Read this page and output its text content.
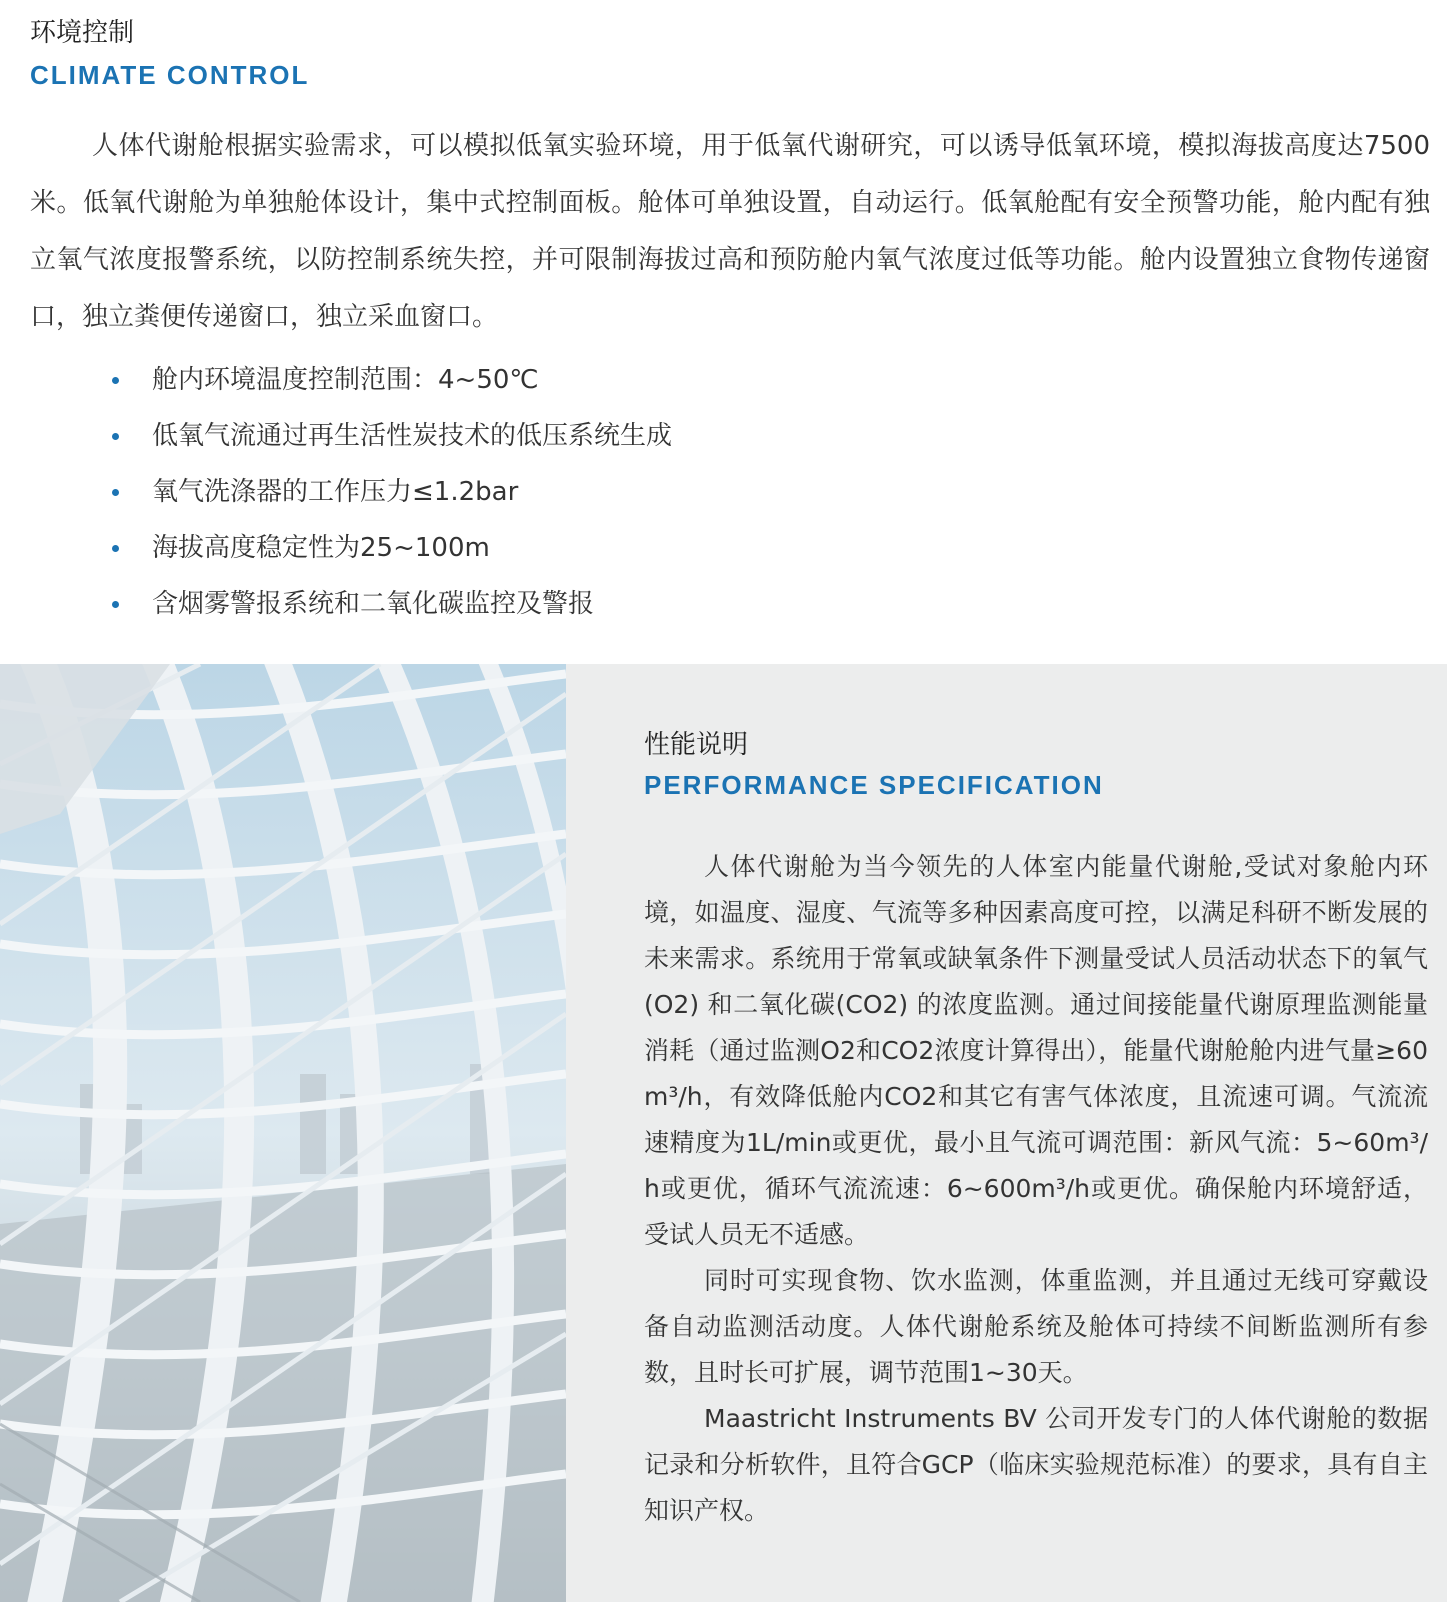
环境控制
CLIMATE CONTROL

人体代谢舱根据实验需求，可以模拟低氧实验环境，用于低氧代谢研究，可以诱导低氧环境，模拟海拔高度达7500米。低氧代谢舱为单独舱体设计，集中式控制面板。舱体可单独设置，自动运行。低氧舱配有安全预警功能，舱内配有独立氧气浓度报警系统，以防控制系统失控，并可限制海拔过高和预防舱内氧气浓度过低等功能。舱内设置独立食物传递窗口，独立粪便传递窗口，独立采血窗口。

舱内环境温度控制范围：4~50℃
低氧气流通过再生活性炭技术的低压系统生成
氧气洗涤器的工作压力≤1.2bar
海拔高度稳定性为25~100m
含烟雾警报系统和二氧化碳监控及警报
性能说明
PERFORMANCE SPECIFICATION

人体代谢舱为当今领先的人体室内能量代谢舱,受试对象舱内环境，如温度、湿度、气流等多种因素高度可控，以满足科研不断发展的未来需求。系统用于常氧或缺氧条件下测量受试人员活动状态下的氧气(O2) 和二氧化碳(CO2) 的浓度监测。通过间接能量代谢原理监测能量消耗（通过监测O2和CO2浓度计算得出），能量代谢舱舱内进气量≥60m³/h，有效降低舱内CO2和其它有害气体浓度，且流速可调。气流流速精度为1L/min或更优，最小且气流可调范围：新风气流：5~60m³/h或更优，循环气流流速：6~600m³/h或更优。确保舱内环境舒适，受试人员无不适感。

同时可实现食物、饮水监测，体重监测，并且通过无线可穿戴设备自动监测活动度。人体代谢舱系统及舱体可持续不间断监测所有参数，且时长可扩展，调节范围1~30天。

Maastricht Instruments BV 公司开发专门的人体代谢舱的数据记录和分析软件，且符合GCP（临床实验规范标准）的要求，具有自主知识产权。
